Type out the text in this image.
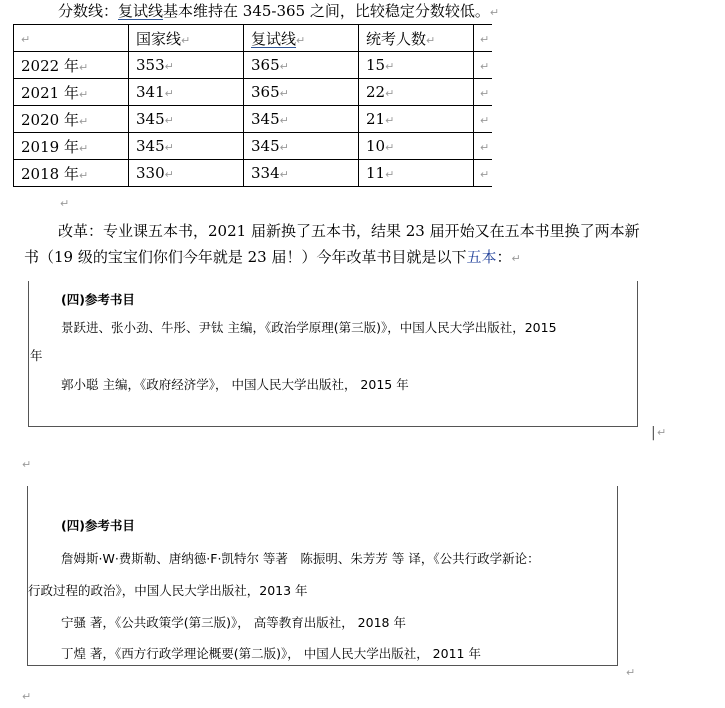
分数线：复试线基本维持在 345-365 之间，比较稳定分数较低。↵
↵	国家线↵	复试线↵	统考人数↵	↵
2022 年↵	353↵	365↵	15↵	↵
2021 年↵	341↵	365↵	22↵	↵
2020 年↵	345↵	345↵	21↵	↵
2019 年↵	345↵	345↵	10↵	↵
2018 年↵	330↵	334↵	11↵	↵
↵
改革：专业课五本书，2021 届新换了五本书，结果 23 届开始又在五本书里换了两本新
书（19 级的宝宝们你们今年就是 23 届！）今年改革书目就是以下五本：↵
(四)参考书目
景跃进、张小劲、牛彤、尹钛 主编，《政治学原理(第三版)》，中国人民大学出版社，2015
年
郭小聪 主编，《政府经济学》， 中国人民大学出版社， 2015 年
| ↵
↵
(四)参考书目
詹姆斯·W·费斯勒、唐纳德·F·凯特尔 等著　陈振明、朱芳芳 等 译，《公共行政学新论：
行政过程的政治》，中国人民大学出版社，2013 年
宁骚 著，《公共政策学(第三版)》， 高等教育出版社， 2018 年
丁煌 著，《西方行政学理论概要(第二版)》， 中国人民大学出版社， 2011 年
↵
↵
